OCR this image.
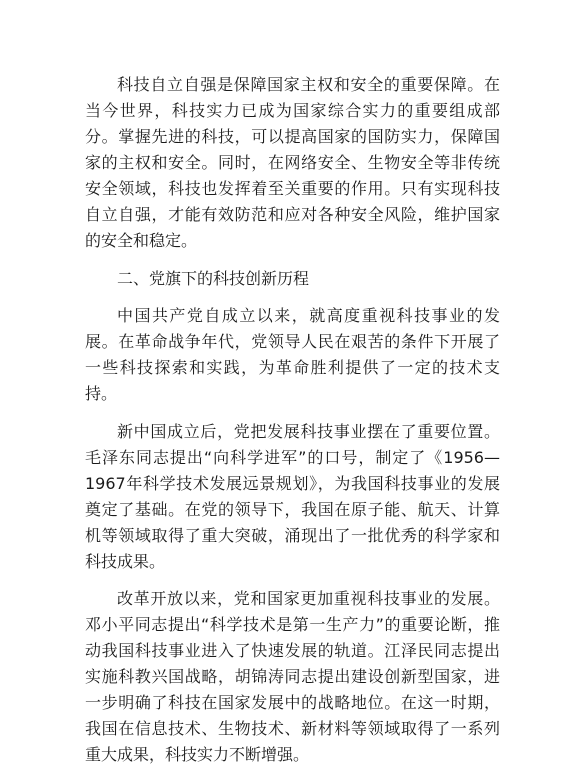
科技自立自强是保障国家主权和安全的重要保障。在当今世界，科技实力已成为国家综合实力的重要组成部分。掌握先进的科技，可以提高国家的国防实力，保障国家的主权和安全。同时，在网络安全、生物安全等非传统安全领域，科技也发挥着至关重要的作用。只有实现科技自立自强，才能有效防范和应对各种安全风险，维护国家的安全和稳定。

二、党旗下的科技创新历程

中国共产党自成立以来，就高度重视科技事业的发展。在革命战争年代，党领导人民在艰苦的条件下开展了一些科技探索和实践，为革命胜利提供了一定的技术支持。

新中国成立后，党把发展科技事业摆在了重要位置。毛泽东同志提出“向科学进军”的口号，制定了《1956—1967年科学技术发展远景规划》，为我国科技事业的发展奠定了基础。在党的领导下，我国在原子能、航天、计算机等领域取得了重大突破，涌现出了一批优秀的科学家和科技成果。

改革开放以来，党和国家更加重视科技事业的发展。邓小平同志提出“科学技术是第一生产力”的重要论断，推动我国科技事业进入了快速发展的轨道。江泽民同志提出实施科教兴国战略，胡锦涛同志提出建设创新型国家，进一步明确了科技在国家发展中的战略地位。在这一时期，我国在信息技术、生物技术、新材料等领域取得了一系列重大成果，科技实力不断增强。
